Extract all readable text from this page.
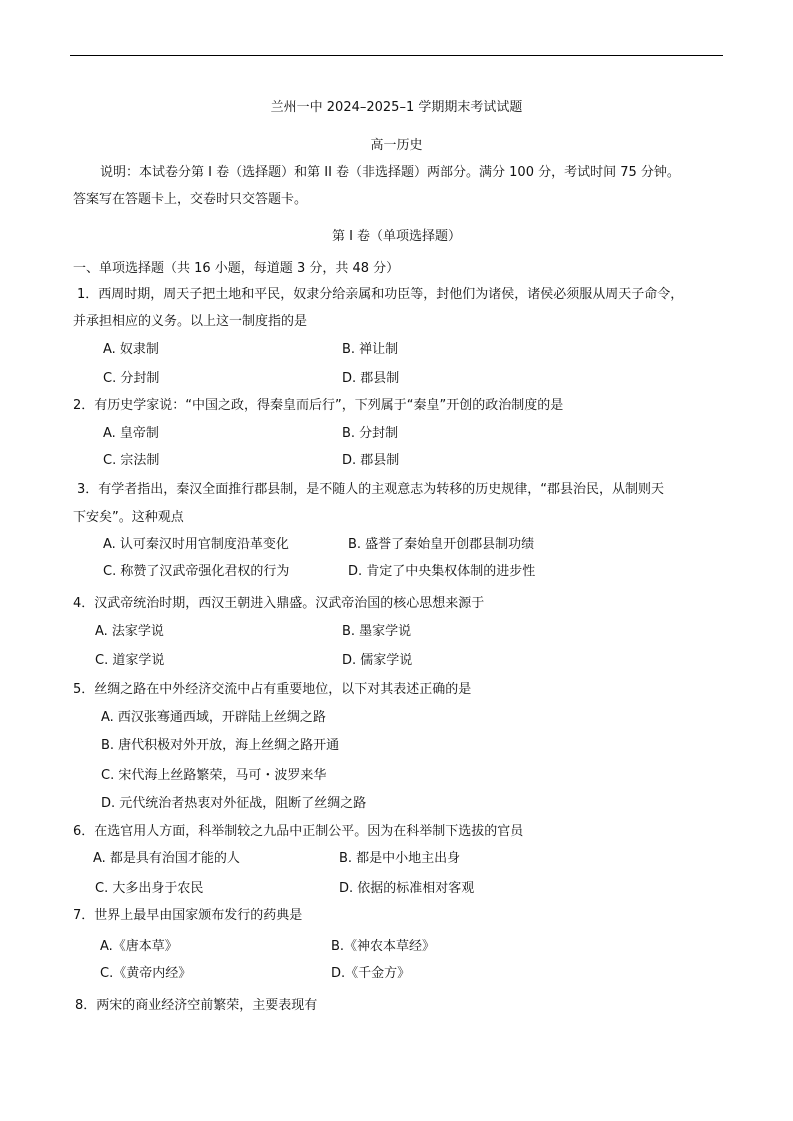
兰州一中 2024–2025–1 学期期末考试试题
高一历史
说明：本试卷分第 I 卷（选择题）和第 II 卷（非选择题）两部分。满分 100 分，考试时间 75 分钟。
答案写在答题卡上，交卷时只交答题卡。
第 I 卷（单项选择题）
一、单项选择题（共 16 小题，每道题 3 分，共 48 分）
1．西周时期，周天子把土地和平民，奴隶分给亲属和功臣等，封他们为诸侯，诸侯必须服从周天子命令，
并承担相应的义务。以上这一制度指的是
A. 奴隶制	B. 禅让制
C. 分封制	D. 郡县制
2．有历史学家说：“中国之政，得秦皇而后行”，下列属于“秦皇”开创的政治制度的是
A. 皇帝制	B. 分封制
C. 宗法制	D. 郡县制
3．有学者指出，秦汉全面推行郡县制，是不随人的主观意志为转移的历史规律，“郡县治民，从制则天
下安矣”。这种观点
A. 认可秦汉时用官制度沿革变化	B. 盛誉了秦始皇开创郡县制功绩
C. 称赞了汉武帝强化君权的行为	D. 肯定了中央集权体制的进步性
4．汉武帝统治时期，西汉王朝进入鼎盛。汉武帝治国的核心思想来源于
A. 法家学说	B. 墨家学说
C. 道家学说	D. 儒家学说
5．丝绸之路在中外经济交流中占有重要地位，以下对其表述正确的是
A. 西汉张骞通西域，开辟陆上丝绸之路
B. 唐代积极对外开放，海上丝绸之路开通
C. 宋代海上丝路繁荣，马可・波罗来华
D. 元代统治者热衷对外征战，阻断了丝绸之路
6．在选官用人方面，科举制较之九品中正制公平。因为在科举制下选拔的官员
A. 都是具有治国才能的人	B. 都是中小地主出身
C. 大多出身于农民	D. 依据的标准相对客观
7．世界上最早由国家颁布发行的药典是
A.《唐本草》	B.《神农本草经》
C.《黄帝内经》	D.《千金方》
8．两宋的商业经济空前繁荣，主要表现有
